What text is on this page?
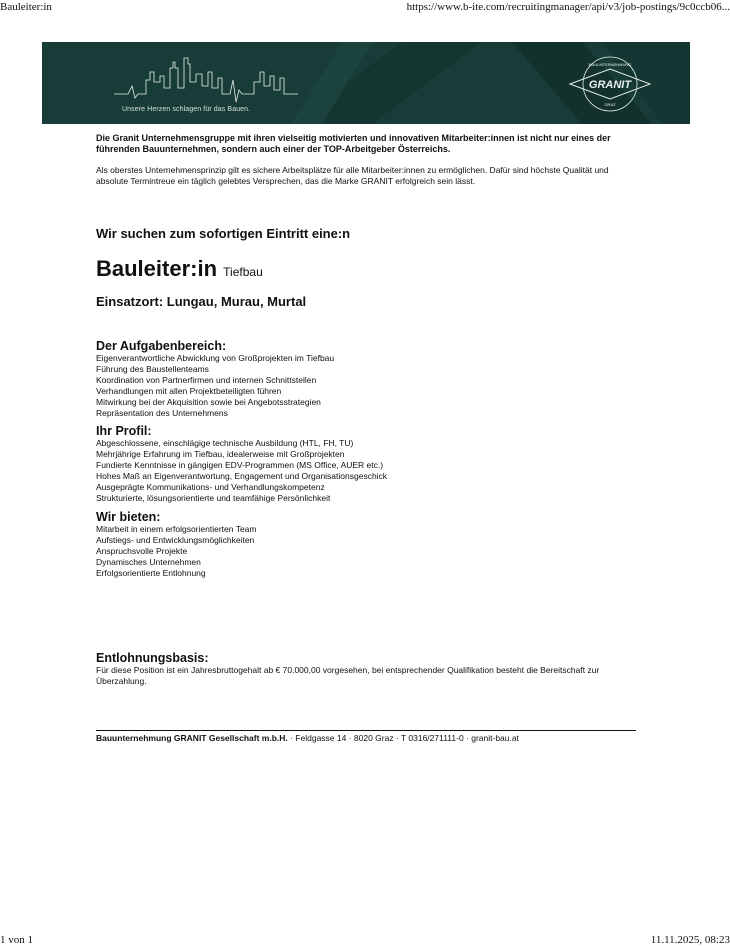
Bauleiter:in	https://www.b-ite.com/recruitingmanager/api/v3/job-postings/9c0ccb06...
GRANIT
BAUUNTERNEHMUNG
GRAZ
Unsere Herzen schlagen für das Bauen.

Die Granit Unternehmensgruppe mit ihren vielseitig motivierten und innovativen Mitarbeiter:innen ist nicht nur eines der führenden Bauunternehmen, sondern auch einer der TOP-Arbeitgeber Österreichs.

Als oberstes Unternehmensprinzip gilt es sichere Arbeitsplätze für alle Mitarbeiter:innen zu ermöglichen. Dafür sind höchste Qualität und absolute Termintreue ein täglich gelebtes Versprechen, das die Marke GRANIT erfolgreich sein lässt.

Wir suchen zum sofortigen Eintritt eine:n

Bauleiter:in Tiefbau

Einsatzort: Lungau, Murau, Murtal

Der Aufgabenbereich:
Eigenverantwortliche Abwicklung von Großprojekten im Tiefbau
Führung des Baustellenteams
Koordination von Partnerfirmen und internen Schnittstellen
Verhandlungen mit allen Projektbeteiligten führen
Mitwirkung bei der Akquisition sowie bei Angebotsstrategien
Repräsentation des Unternehmens
Ihr Profil:
Abgeschlossene, einschlägige technische Ausbildung (HTL, FH, TU)
Mehrjährige Erfahrung im Tiefbau, idealerweise mit Großprojekten
Fundierte Kenntnisse in gängigen EDV-Programmen (MS Office, AUER etc.)
Hohes Maß an Eigenverantwortung, Engagement und Organisationsgeschick
Ausgeprägte Kommunikations- und Verhandlungskompetenz
Strukturierte, lösungsorientierte und teamfähige Persönlichkeit
Wir bieten:
Mitarbeit in einem erfolgsorientierten Team
Aufstiegs- und Entwicklungsmöglichkeiten
Anspruchsvolle Projekte
Dynamisches Unternehmen
Erfolgsorientierte Entlohnung
Entlohnungsbasis:

Für diese Position ist ein Jahresbruttogehalt ab € 70.000,00 vorgesehen, bei entsprechender Qualifikation besteht die Bereitschaft zur Überzahlung.

Bauunternehmung GRANIT Gesellschaft m.b.H. · Feldgasse 14 · 8020 Graz · T 0316/271111-0 · granit-bau.at
1 von 1	11.11.2025, 08:23
